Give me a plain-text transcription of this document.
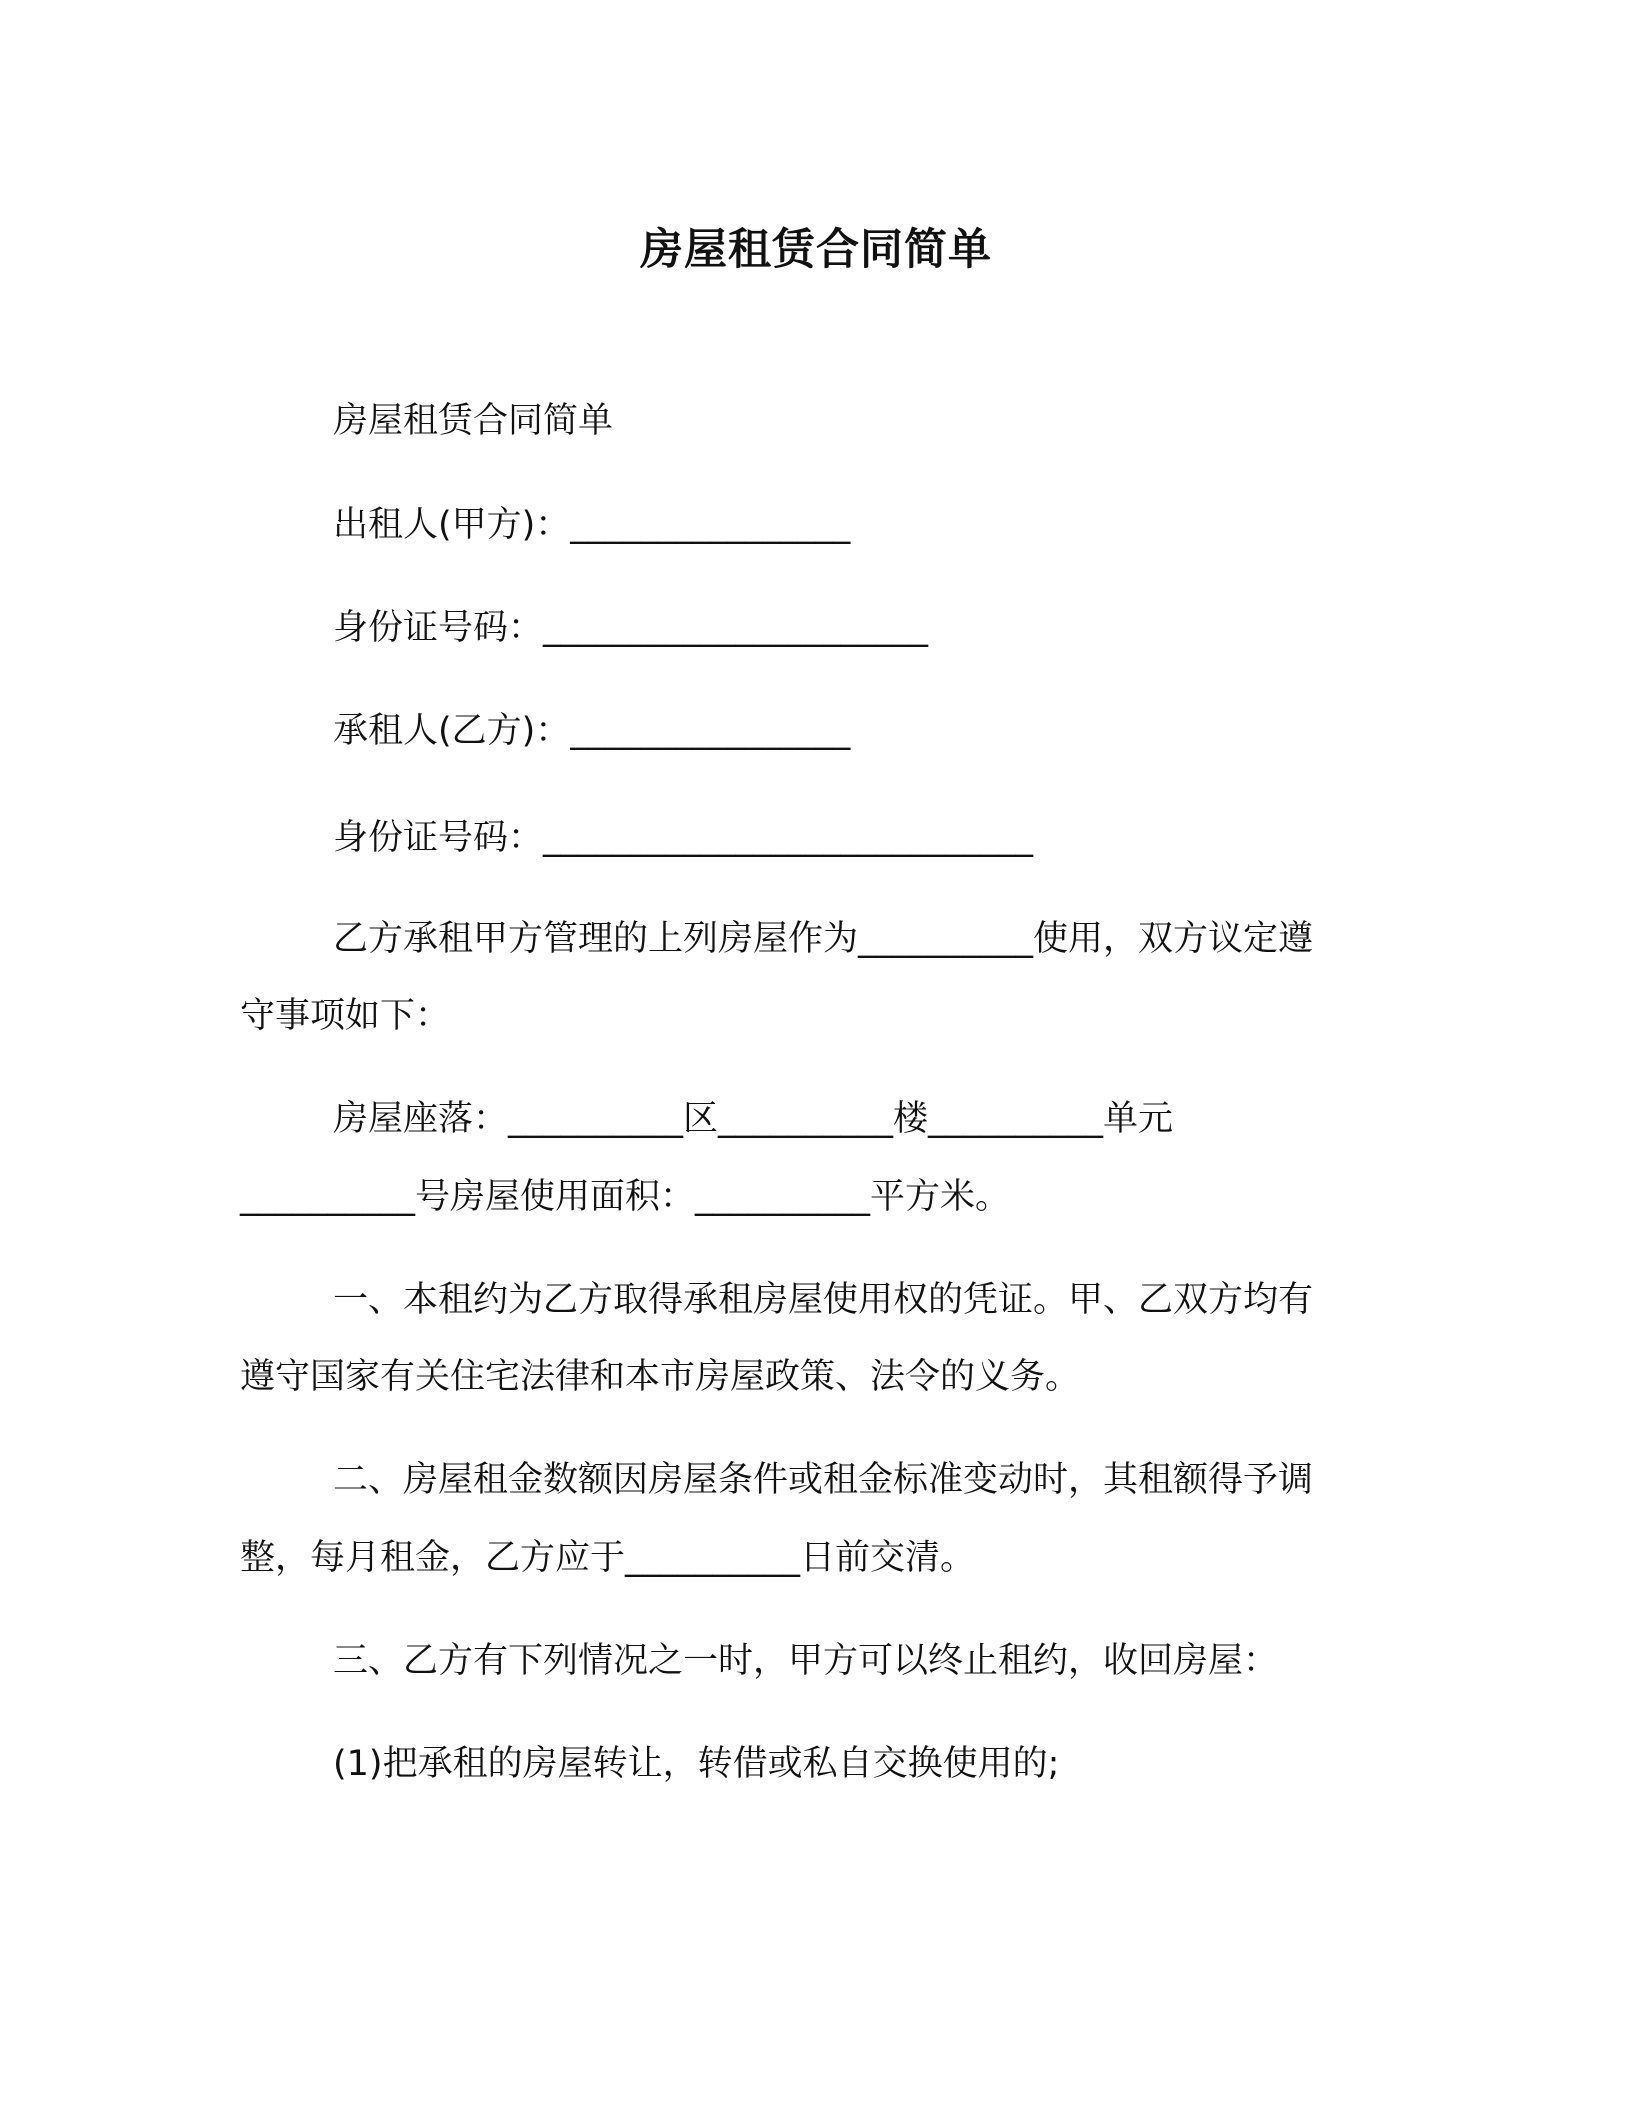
房屋租赁合同简单
房屋租赁合同简单
出租人(甲方)：________________
身份证号码：______________________
承租人(乙方)：________________
身份证号码：____________________________
乙方承租甲方管理的上列房屋作为__________使用，双方议定遵
守事项如下：
房屋座落：__________区__________楼__________单元
__________号房屋使用面积：__________平方米。
一、本租约为乙方取得承租房屋使用权的凭证。甲、乙双方均有
遵守国家有关住宅法律和本市房屋政策、法令的义务。
二、房屋租金数额因房屋条件或租金标准变动时，其租额得予调
整，每月租金，乙方应于__________日前交清。
三、乙方有下列情况之一时，甲方可以终止租约，收回房屋：
(1)把承租的房屋转让，转借或私自交换使用的;
